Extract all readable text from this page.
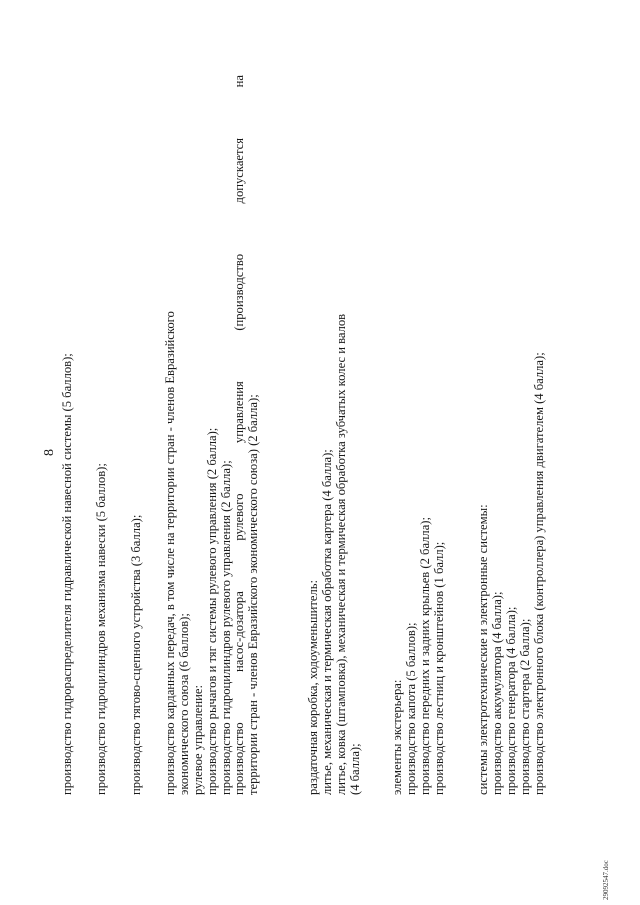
8 производство гидрораспределителя гидравлической навесной системы (5 баллов); производство гидроцилиндров механизма навески (5 баллов); производство тягово-сцепного устройства (3 балла); производство карданных передач, в том числе на территории стран - членов Евразийского экономического союза (6 баллов); рулевое управление: производство рычагов и тяг системы рулевого управления (2 балла); производство гидроцилиндров рулевого управления (2 балла); производство
насос-дозатора
рулевого
управления
(производство
допускается
на
территории стран - членов Евразийского экономического союза) (2 балла);	раздаточная коробка, ходоуменьшитель: литье, механическая и термическая обработка картера (4 балла); литье, ковка (штамповка), механическая и термическая обработка зубчатых колес и валов (4 балла); элементы экстерьера: производство капота (5 баллов); производство передних и задних крыльев (2 балла); производство лестниц и кронштейнов (1 балл); системы электротехнические и электронные системы: производство аккумулятора (4 балла); производство генератора (4 балла); производство стартера (2 балла); производство электронного блока (контроллера) управления двигателем (4 балла);
29092547.doc
